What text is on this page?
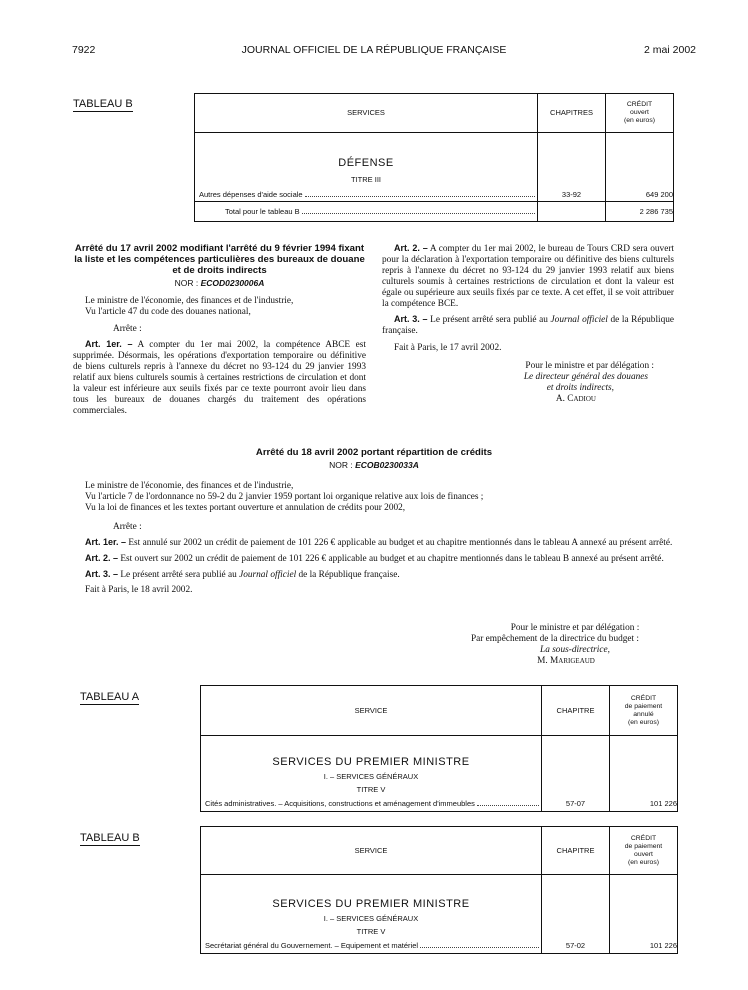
7922	JOURNAL OFFICIEL DE LA RÉPUBLIQUE FRANÇAISE	2 mai 2002
TABLEAU B
SERVICES	CHAPITRES	CRÉDIT
ouvert
(en euros)

DÉFENSE
TITRE III
Autres dépenses d'aide sociale	33-92	649 200

Total pour le tableau B		2 286 735
Arrêté du 17 avril 2002 modifiant l'arrêté du 9 février 1994 fixant la liste et les compétences particulières des bureaux de douane et de droits indirects
NOR : ECOD0230006A
Le ministre de l'économie, des finances et de l'industrie,
Vu l'article 47 du code des douanes national,
Arrête :
Art. 1er. – A compter du 1er mai 2002, la compétence ABCE est supprimée. Désormais, les opérations d'exportation temporaire ou définitive de biens culturels repris à l'annexe du décret no 93-124 du 29 janvier 1993 relatif aux biens culturels soumis à certaines restrictions de circulation et dont la valeur est inférieure aux seuils fixés par ce texte pourront avoir lieu dans tous les bureaux de douanes chargés du traitement des opérations commerciales.
Art. 2. – A compter du 1er mai 2002, le bureau de Tours CRD sera ouvert pour la déclaration à l'exportation temporaire ou définitive des biens culturels repris à l'annexe du décret no 93-124 du 29 janvier 1993 relatif aux biens culturels soumis à certaines restrictions de circulation et dont la valeur est égale ou supérieure aux seuils fixés par ce texte. A cet effet, il se voit attribuer la compétence BCE.
Art. 3. – Le présent arrêté sera publié au Journal officiel de la République française.
Fait à Paris, le 17 avril 2002.
Pour le ministre et par délégation :
Le directeur général des douanes
et droits indirects,
A. Cadiou
Arrêté du 18 avril 2002 portant répartition de crédits
NOR : ECOB0230033A
Le ministre de l'économie, des finances et de l'industrie,
Vu l'article 7 de l'ordonnance no 59-2 du 2 janvier 1959 portant loi organique relative aux lois de finances ;
Vu la loi de finances et les textes portant ouverture et annulation de crédits pour 2002,
Arrête :
Art. 1er. – Est annulé sur 2002 un crédit de paiement de 101 226 € applicable au budget et au chapitre mentionnés dans le tableau A annexé au présent arrêté.
Art. 2. – Est ouvert sur 2002 un crédit de paiement de 101 226 € applicable au budget et au chapitre mentionnés dans le tableau B annexé au présent arrêté.
Art. 3. – Le présent arrêté sera publié au Journal officiel de la République française.
Fait à Paris, le 18 avril 2002.
Pour le ministre et par délégation :
Par empêchement de la directrice du budget :
La sous-directrice,
M. Marigeaud
TABLEAU A
SERVICE	CHAPITRE	CRÉDIT
de paiement
annulé
(en euros)

SERVICES DU PREMIER MINISTRE
I. – SERVICES GÉNÉRAUX
TITRE V
Cités administratives. – Acquisitions, constructions et aménagement d'immeubles	57-07	101 226
TABLEAU B
SERVICE	CHAPITRE	CRÉDIT
de paiement
ouvert
(en euros)

SERVICES DU PREMIER MINISTRE
I. – SERVICES GÉNÉRAUX
TITRE V
Secrétariat général du Gouvernement. – Equipement et matériel	57-02	101 226
